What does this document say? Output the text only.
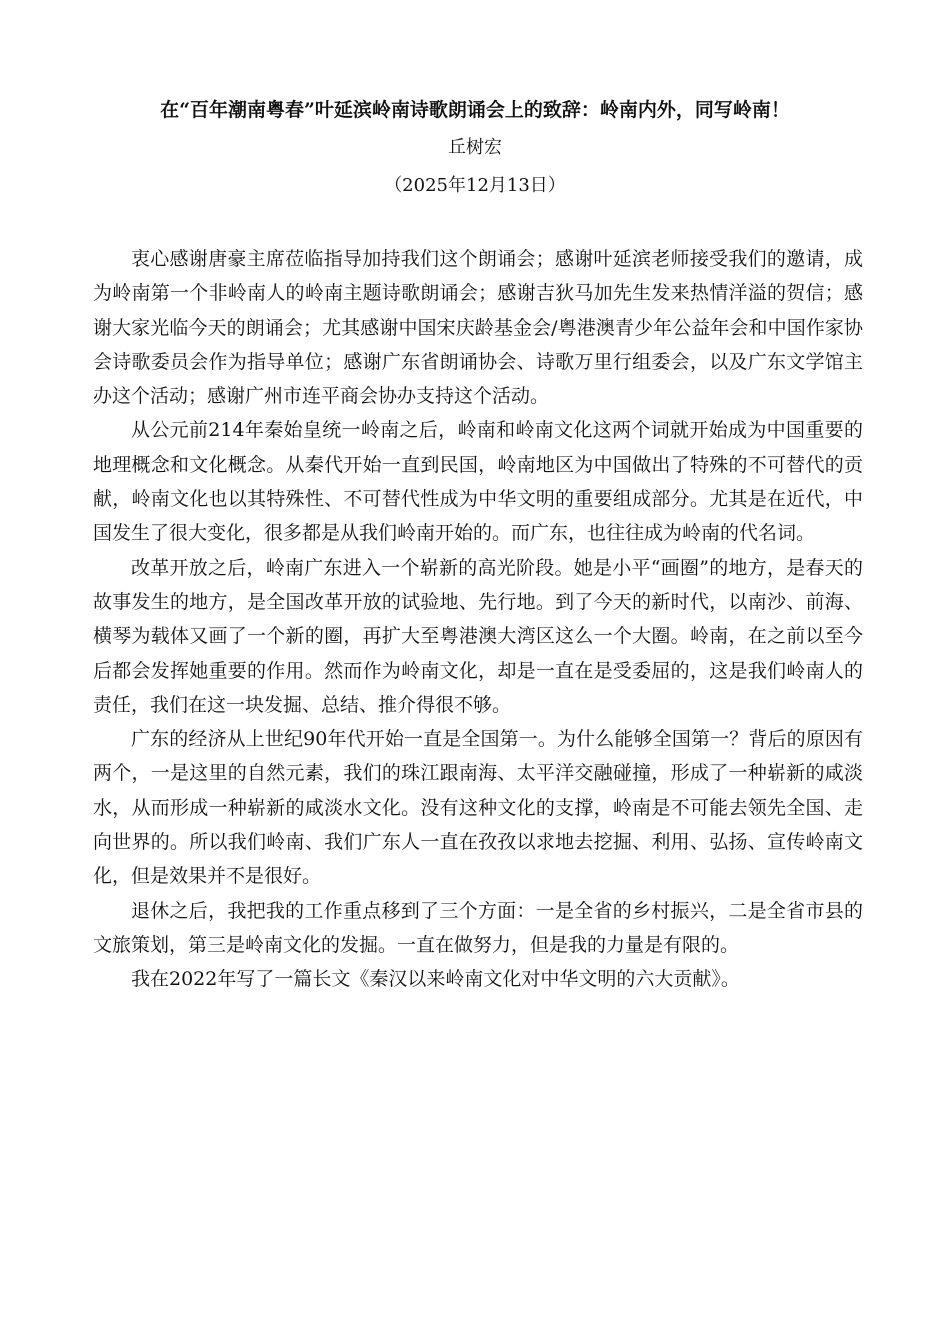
在“百年潮南粤春”叶延滨岭南诗歌朗诵会上的致辞：岭南内外，同写岭南！
丘树宏
（2025年12月13日）

衷心感谢唐豪主席莅临指导加持我们这个朗诵会；感谢叶延滨老师接受我们的邀请，成为岭南第一个非岭南人的岭南主题诗歌朗诵会；感谢吉狄马加先生发来热情洋溢的贺信；感谢大家光临今天的朗诵会；尤其感谢中国宋庆龄基金会/粤港澳青少年公益年会和中国作家协会诗歌委员会作为指导单位；感谢广东省朗诵协会、诗歌万里行组委会，以及广东文学馆主办这个活动；感谢广州市连平商会协办支持这个活动。

从公元前214年秦始皇统一岭南之后，岭南和岭南文化这两个词就开始成为中国重要的地理概念和文化概念。从秦代开始一直到民国，岭南地区为中国做出了特殊的不可替代的贡献，岭南文化也以其特殊性、不可替代性成为中华文明的重要组成部分。尤其是在近代，中国发生了很大变化，很多都是从我们岭南开始的。而广东，也往往成为岭南的代名词。

改革开放之后，岭南广东进入一个崭新的高光阶段。她是小平“画圈”的地方，是春天的故事发生的地方，是全国改革开放的试验地、先行地。到了今天的新时代，以南沙、前海、横琴为载体又画了一个新的圈，再扩大至粤港澳大湾区这么一个大圈。岭南，在之前以至今后都会发挥她重要的作用。然而作为岭南文化，却是一直在是受委屈的，这是我们岭南人的责任，我们在这一块发掘、总结、推介得很不够。

广东的经济从上世纪90年代开始一直是全国第一。为什么能够全国第一？背后的原因有两个，一是这里的自然元素，我们的珠江跟南海、太平洋交融碰撞，形成了一种崭新的咸淡水，从而形成一种崭新的咸淡水文化。没有这种文化的支撑，岭南是不可能去领先全国、走向世界的。所以我们岭南、我们广东人一直在孜孜以求地去挖掘、利用、弘扬、宣传岭南文化，但是效果并不是很好。

退休之后，我把我的工作重点移到了三个方面：一是全省的乡村振兴，二是全省市县的文旅策划，第三是岭南文化的发掘。一直在做努力，但是我的力量是有限的。

我在2022年写了一篇长文《秦汉以来岭南文化对中华文明的六大贡献》。
